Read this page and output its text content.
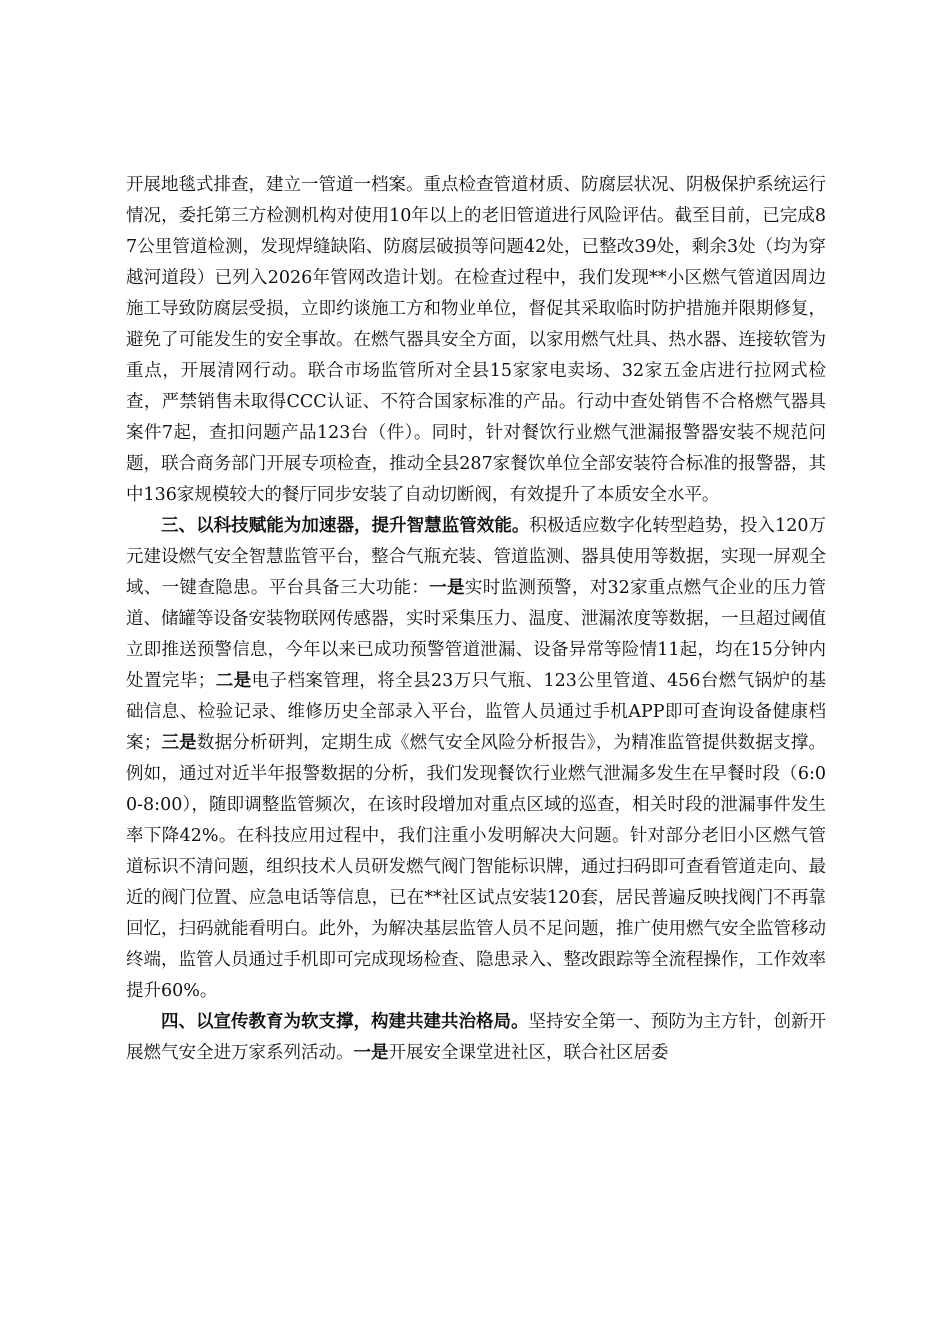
开展地毯式排查，建立一管道一档案。重点检查管道材质、防腐层状况、阴极保护系统运行情况，委托第三方检测机构对使用10年以上的老旧管道进行风险评估。截至目前，已完成87公里管道检测，发现焊缝缺陷、防腐层破损等问题42处，已整改39处，剩余3处（均为穿越河道段）已列入2026年管网改造计划。在检查过程中，我们发现**小区燃气管道因周边施工导致防腐层受损，立即约谈施工方和物业单位，督促其采取临时防护措施并限期修复，避免了可能发生的安全事故。在燃气器具安全方面，以家用燃气灶具、热水器、连接软管为重点，开展清网行动。联合市场监管所对全县15家家电卖场、32家五金店进行拉网式检查，严禁销售未取得CCC认证、不符合国家标准的产品。行动中查处销售不合格燃气器具案件7起，查扣问题产品123台（件）。同时，针对餐饮行业燃气泄漏报警器安装不规范问题，联合商务部门开展专项检查，推动全县287家餐饮单位全部安装符合标准的报警器，其中136家规模较大的餐厅同步安装了自动切断阀，有效提升了本质安全水平。

三、以科技赋能为加速器，提升智慧监管效能。积极适应数字化转型趋势，投入120万元建设燃气安全智慧监管平台，整合气瓶充装、管道监测、器具使用等数据，实现一屏观全域、一键查隐患。平台具备三大功能：一是实时监测预警，对32家重点燃气企业的压力管道、储罐等设备安装物联网传感器，实时采集压力、温度、泄漏浓度等数据，一旦超过阈值立即推送预警信息，今年以来已成功预警管道泄漏、设备异常等险情11起，均在15分钟内处置完毕；二是电子档案管理，将全县23万只气瓶、123公里管道、456台燃气锅炉的基础信息、检验记录、维修历史全部录入平台，监管人员通过手机APP即可查询设备健康档案；三是数据分析研判，定期生成《燃气安全风险分析报告》，为精准监管提供数据支撑。例如，通过对近半年报警数据的分析，我们发现餐饮行业燃气泄漏多发生在早餐时段（6:00-8:00），随即调整监管频次，在该时段增加对重点区域的巡查，相关时段的泄漏事件发生率下降42%。在科技应用过程中，我们注重小发明解决大问题。针对部分老旧小区燃气管道标识不清问题，组织技术人员研发燃气阀门智能标识牌，通过扫码即可查看管道走向、最近的阀门位置、应急电话等信息，已在**社区试点安装120套，居民普遍反映找阀门不再靠回忆，扫码就能看明白。此外，为解决基层监管人员不足问题，推广使用燃气安全监管移动终端，监管人员通过手机即可完成现场检查、隐患录入、整改跟踪等全流程操作，工作效率提升60%。

四、以宣传教育为软支撑，构建共建共治格局。坚持安全第一、预防为主方针，创新开展燃气安全进万家系列活动。一是开展安全课堂进社区，联合社区居委
